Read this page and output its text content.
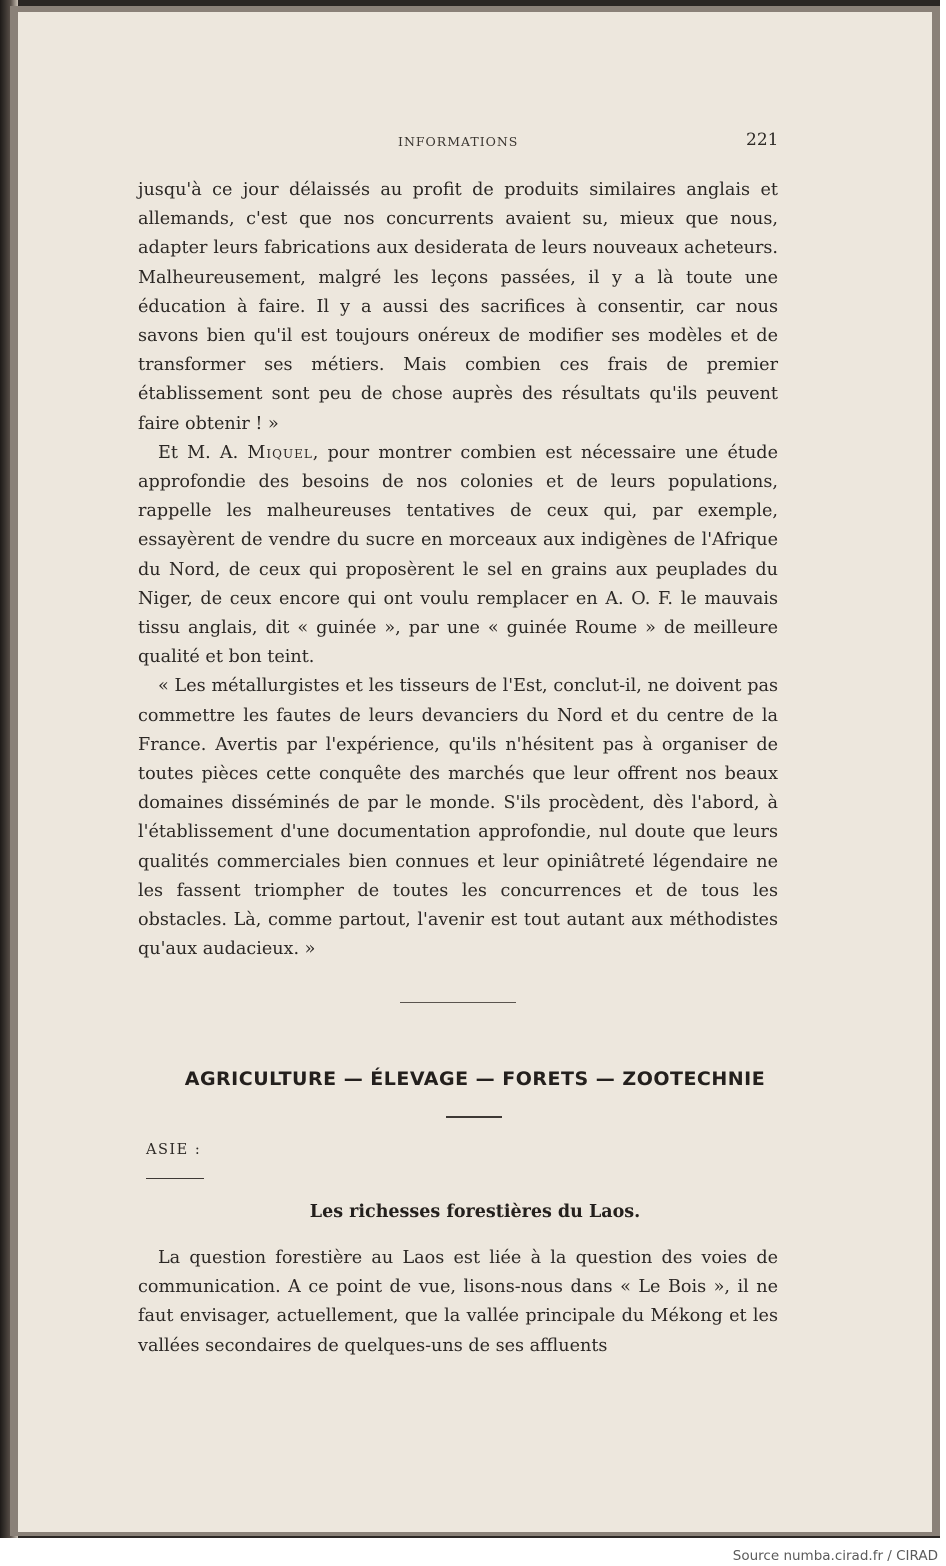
INFORMATIONS	221

jusqu'à ce jour délaissés au profit de produits similaires anglais et allemands, c'est que nos concurrents avaient su, mieux que nous, adapter leurs fabrications aux desiderata de leurs nouveaux acheteurs. Malheureusement, malgré les leçons passées, il y a là toute une éducation à faire. Il y a aussi des sacrifices à consentir, car nous savons bien qu'il est toujours onéreux de modifier ses modèles et de transformer ses métiers. Mais combien ces frais de premier établissement sont peu de chose auprès des résultats qu'ils peuvent faire obtenir ! »

Et M. A. Miquel, pour montrer combien est nécessaire une étude approfondie des besoins de nos colonies et de leurs populations, rappelle les malheureuses tentatives de ceux qui, par exemple, essayèrent de vendre du sucre en morceaux aux indigènes de l'Afrique du Nord, de ceux qui proposèrent le sel en grains aux peuplades du Niger, de ceux encore qui ont voulu remplacer en A. O. F. le mauvais tissu anglais, dit « guinée », par une « guinée Roume » de meilleure qualité et bon teint.

« Les métallurgistes et les tisseurs de l'Est, conclut-il, ne doivent pas commettre les fautes de leurs devanciers du Nord et du centre de la France. Avertis par l'expérience, qu'ils n'hésitent pas à organiser de toutes pièces cette conquête des marchés que leur offrent nos beaux domaines disséminés de par le monde. S'ils procèdent, dès l'abord, à l'établissement d'une documentation approfondie, nul doute que leurs qualités commerciales bien connues et leur opiniâtreté légendaire ne les fassent triompher de toutes les concurrences et de tous les obstacles. Là, comme partout, l'avenir est tout autant aux méthodistes qu'aux audacieux. »

AGRICULTURE — ÉLEVAGE — FORETS — ZOOTECHNIE
ASIE :
Les richesses forestières du Laos.

La question forestière au Laos est liée à la question des voies de communication. A ce point de vue, lisons-nous dans « Le Bois », il ne faut envisager, actuellement, que la vallée principale du Mékong et les vallées secondaires de quelques-uns de ses affluents

Source numba.cirad.fr / CIRAD
